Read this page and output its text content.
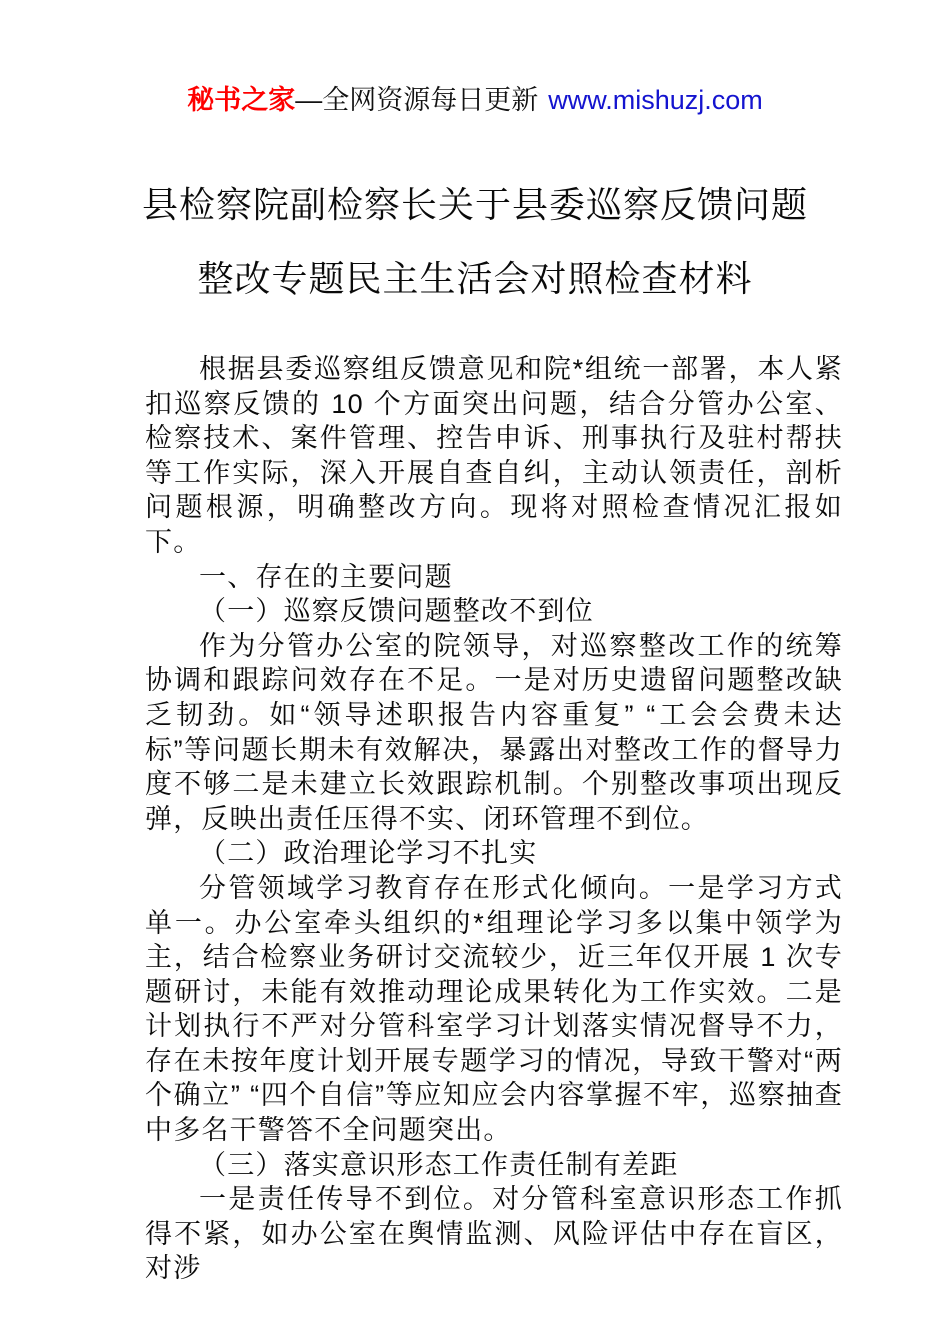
秘书之家—全网资源每日更新 www.mishuzj.com
县检察院副检察长关于县委巡察反馈问题
整改专题民主生活会对照检查材料

根据县委巡察组反馈意见和院*组统一部署，本人紧扣巡察反馈的 10 个方面突出问题，结合分管办公室、检察技术、案件管理、控告申诉、刑事执行及驻村帮扶等工作实际，深入开展自查自纠，主动认领责任，剖析问题根源，明确整改方向。现将对照检查情况汇报如下。

一、存在的主要问题

（一）巡察反馈问题整改不到位

作为分管办公室的院领导，对巡察整改工作的统筹协调和跟踪问效存在不足。一是对历史遗留问题整改缺乏韧劲。如“领导述职报告内容重复” “工会会费未达标”等问题长期未有效解决，暴露出对整改工作的督导力度不够二是未建立长效跟踪机制。个别整改事项出现反弹，反映出责任压得不实、闭环管理不到位。

（二）政治理论学习不扎实

分管领域学习教育存在形式化倾向。一是学习方式单一。办公室牵头组织的*组理论学习多以集中领学为主，结合检察业务研讨交流较少，近三年仅开展 1 次专题研讨，未能有效推动理论成果转化为工作实效。二是计划执行不严对分管科室学习计划落实情况督导不力，存在未按年度计划开展专题学习的情况，导致干警对“两个确立” “四个自信”等应知应会内容掌握不牢，巡察抽查中多名干警答不全问题突出。

（三）落实意识形态工作责任制有差距

一是责任传导不到位。对分管科室意识形态工作抓得不紧，如办公室在舆情监测、风险评估中存在盲区，对涉
